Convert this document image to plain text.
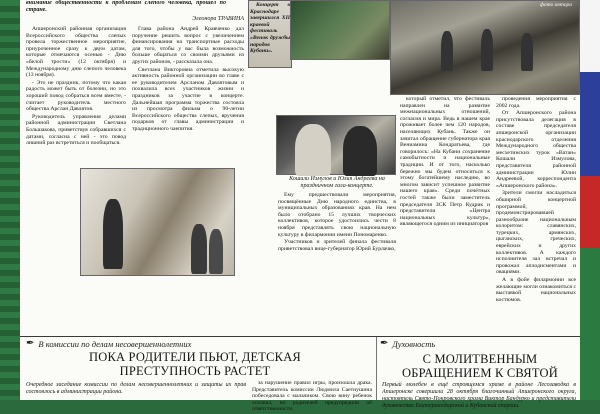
внимание общественности к проблемам слепого человека, прошел по стране.
Элеонора ТРАВИНА

Апшеронский районная организация Всероссийского общества слепых провела торжественное мероприятие, приуроченное сразу к двум датам, которые отмечаются осенью - Дню «белой трости» (12 октября) и Международному дню слепого человека (13 ноября).

- Это не праздник, потому что какая радость может быть от болезни, но это хороший повод собраться всем вместе, - считает руководитель местного общества Арслан Давлятов.

Руководитель управления делами районной администрации Светлана Большакова, приветствуя собравшихся с датами, согласна с ней - это повод лишний раз встретиться и пообщаться.

Глава района Андрей Кравченко дал поручение решить вопрос с увеличением финансирования на транспортные расходы для того, чтобы у вас была возможность больше общаться со своими друзьями из других районов, - рассказала она.

Светлана Викторовна отметила высокую активность районной организации во главе с ее руководителем Арсланом Давлятовым и похвалила всех участников жизни и праздников за участие в концерте. Дальнейшая программа торжества состояла из просмотра фильма о 90-летии Всероссийского общества слепых, вручения подарков от главы администрации и традиционного чаепития.

Концерт в Краснодаре завершился XII краевой фестиваль «Венок дружбы народов Кубани».

фото автора
Кошали Измулов и Юлия Андреева на праздничном гала-концерте.

Ему предшествовали мероприятия, посвящённые Дню народного единства, в муниципальных образованиях края. На нем было отобрано 15 лучших творческих коллективов, которое удостоились чести 8 ноября представлять свою национальную культуру в филармонии имени Пономаренко.

Участников и зрителей финала фестиваля приветствовал вице-губернатор Юрий Бурлачко,

который отметил, что фестиваль направлен на развитие межнациональных отношений, согласия и мира. Ведь в нашем крае проживает более чем 120 народов, населяющих Кубань. Также он зачитал обращение губернатора края Вениамина Кондратьева, где говорилось: «На Кубани сохранение самобытности и национальные традиции. И от того, насколько бережно мы будем относиться к этому богатейшему наследию, во многом зависит успешное развитие нашего края». Среди почётных гостей также были заместитель председателя ЗСК Петр Кудрик и представители «Центра национальных культур», являющегося одним из инициаторов

проведения мероприятия с 2002 года.

От Апшеронского района присутствовала делегация в составе председателя апшеронской организации краснодарского отделения Международного общества месхетинских турок «Ватан» Кошали Измулова, представителя районной администрации Юлии Андреевой, корреспондента «Апшеронского района».

Зрители смогли насладиться обширной концертной программой, продемонстрировавшей разнообразие национальным колоритом: славянских, турецких, армянских, цыганских, греческих, еврейских и других коллективов. А каждого исполнителя зал встречал и провожал аплодисментами и овациями.

А в фойе филармонии все желающие могли ознакомиться с выставкой национальных костюмов.

✒ В комиссии по делам несовершеннолетних
ПОКА РОДИТЕЛИ ПЬЮТ, ДЕТСКАЯ ПРЕСТУПНОСТЬ РАСТЕТ
Очередное заседание комиссии по делам несовершеннолетних и защиты их прав состоялось в администрации района.

за нарушение правил игры, произошла драка. Представитель комиссии Людмила Саетнушина побеседовала с мальчиком. Свою вину ребенок осознал, но родителей предупредили об ответственности.

✒ Духовность
С МОЛИТВЕННЫМ ОБРАЩЕНИЕМ К СВЯТОЙ
Первый молебен в ещё строящемся храме в районе Лесозаводка в Апшеронске совершили 28 октября благочинный Апшеронского округа, настоятель Свято-Покровского храма Виктор Бандурко и представители духовенства Екатеринодарской и Кубанской епархии.
